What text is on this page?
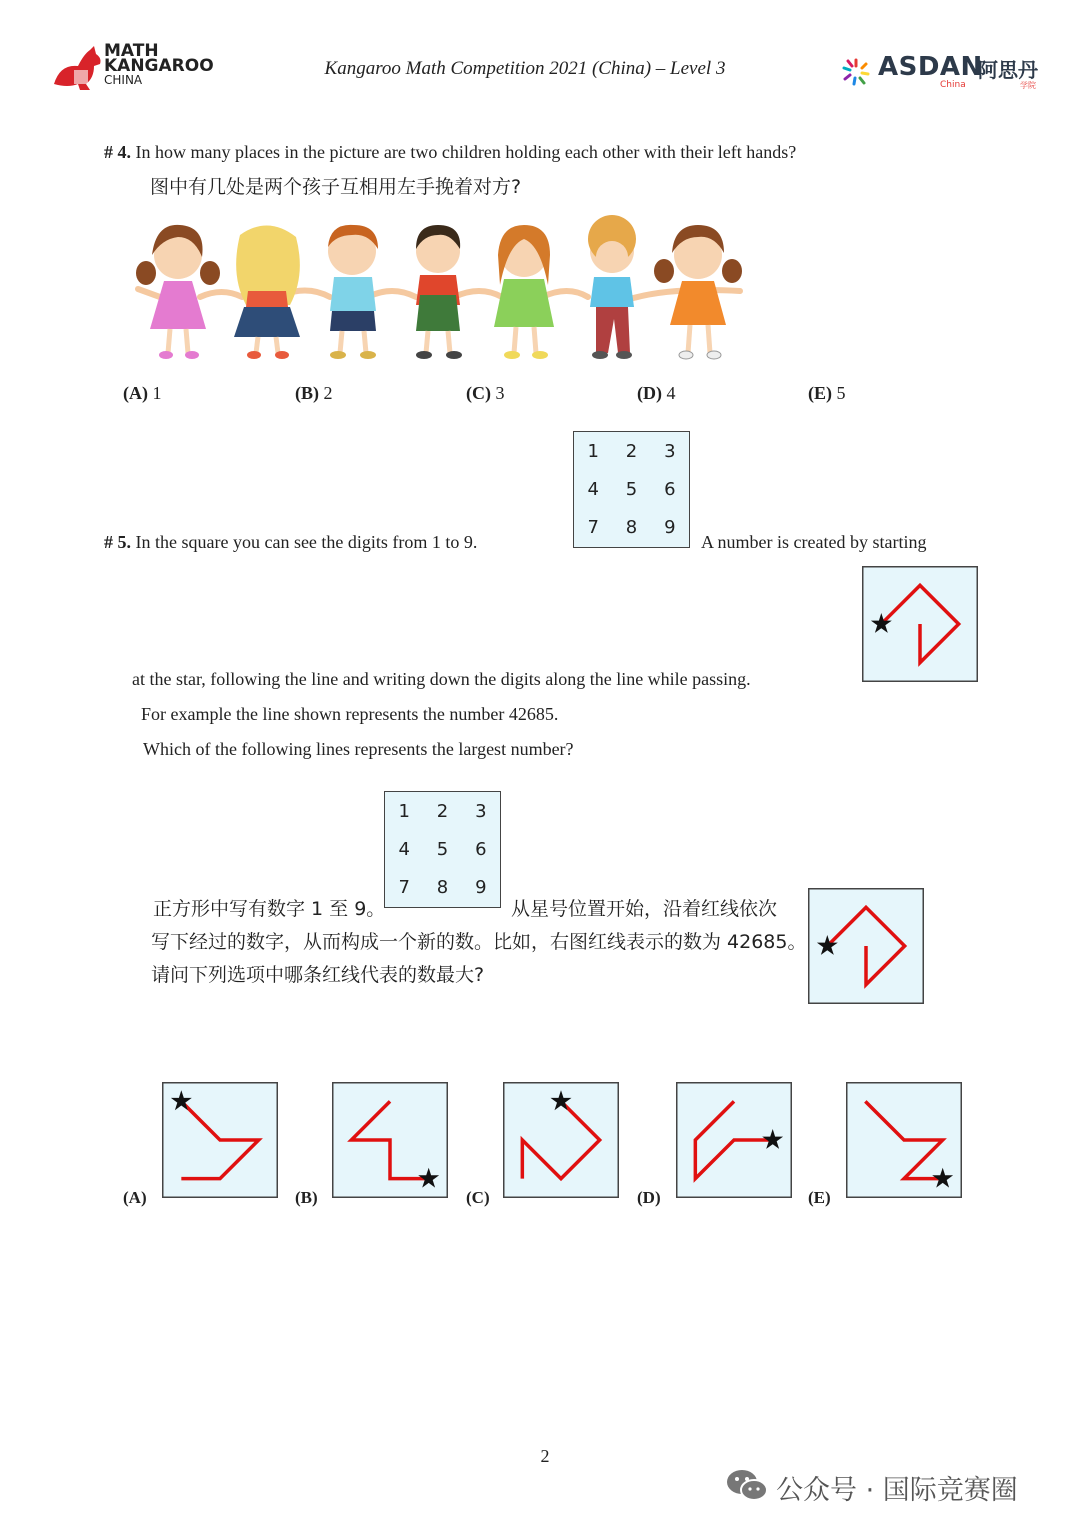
MATH
KANGAROO
CHINA
Kangaroo Math Competition 2021 (China) – Level 3	ASDAN
阿思丹
China	学院
# 4. In how many places in the picture are two children holding each other with their left hands?
图中有几处是两个孩子互相用左手挽着对方?
(A) 1	(B) 2	(C) 3	(D) 4	(E) 5
# 5. In the square you can see the digits from 1 to 9.
1	2	3
4	5	6
7	8	9
A number is created by starting
at the star, following the line and writing down the digits along the line while passing.
For example the line shown represents the number 42685.
Which of the following lines represents the largest number?
1	2	3
4	5	6
7	8	9
正方形中写有数字 1 至 9。	从星号位置开始，沿着红线依次
写下经过的数字，从而构成一个新的数。比如，右图红线表示的数为 42685。
请问下列选项中哪条红线代表的数最大?
(A)	(B)	(C)	(D)	(E)
2
公众号 · 国际竞赛圈
